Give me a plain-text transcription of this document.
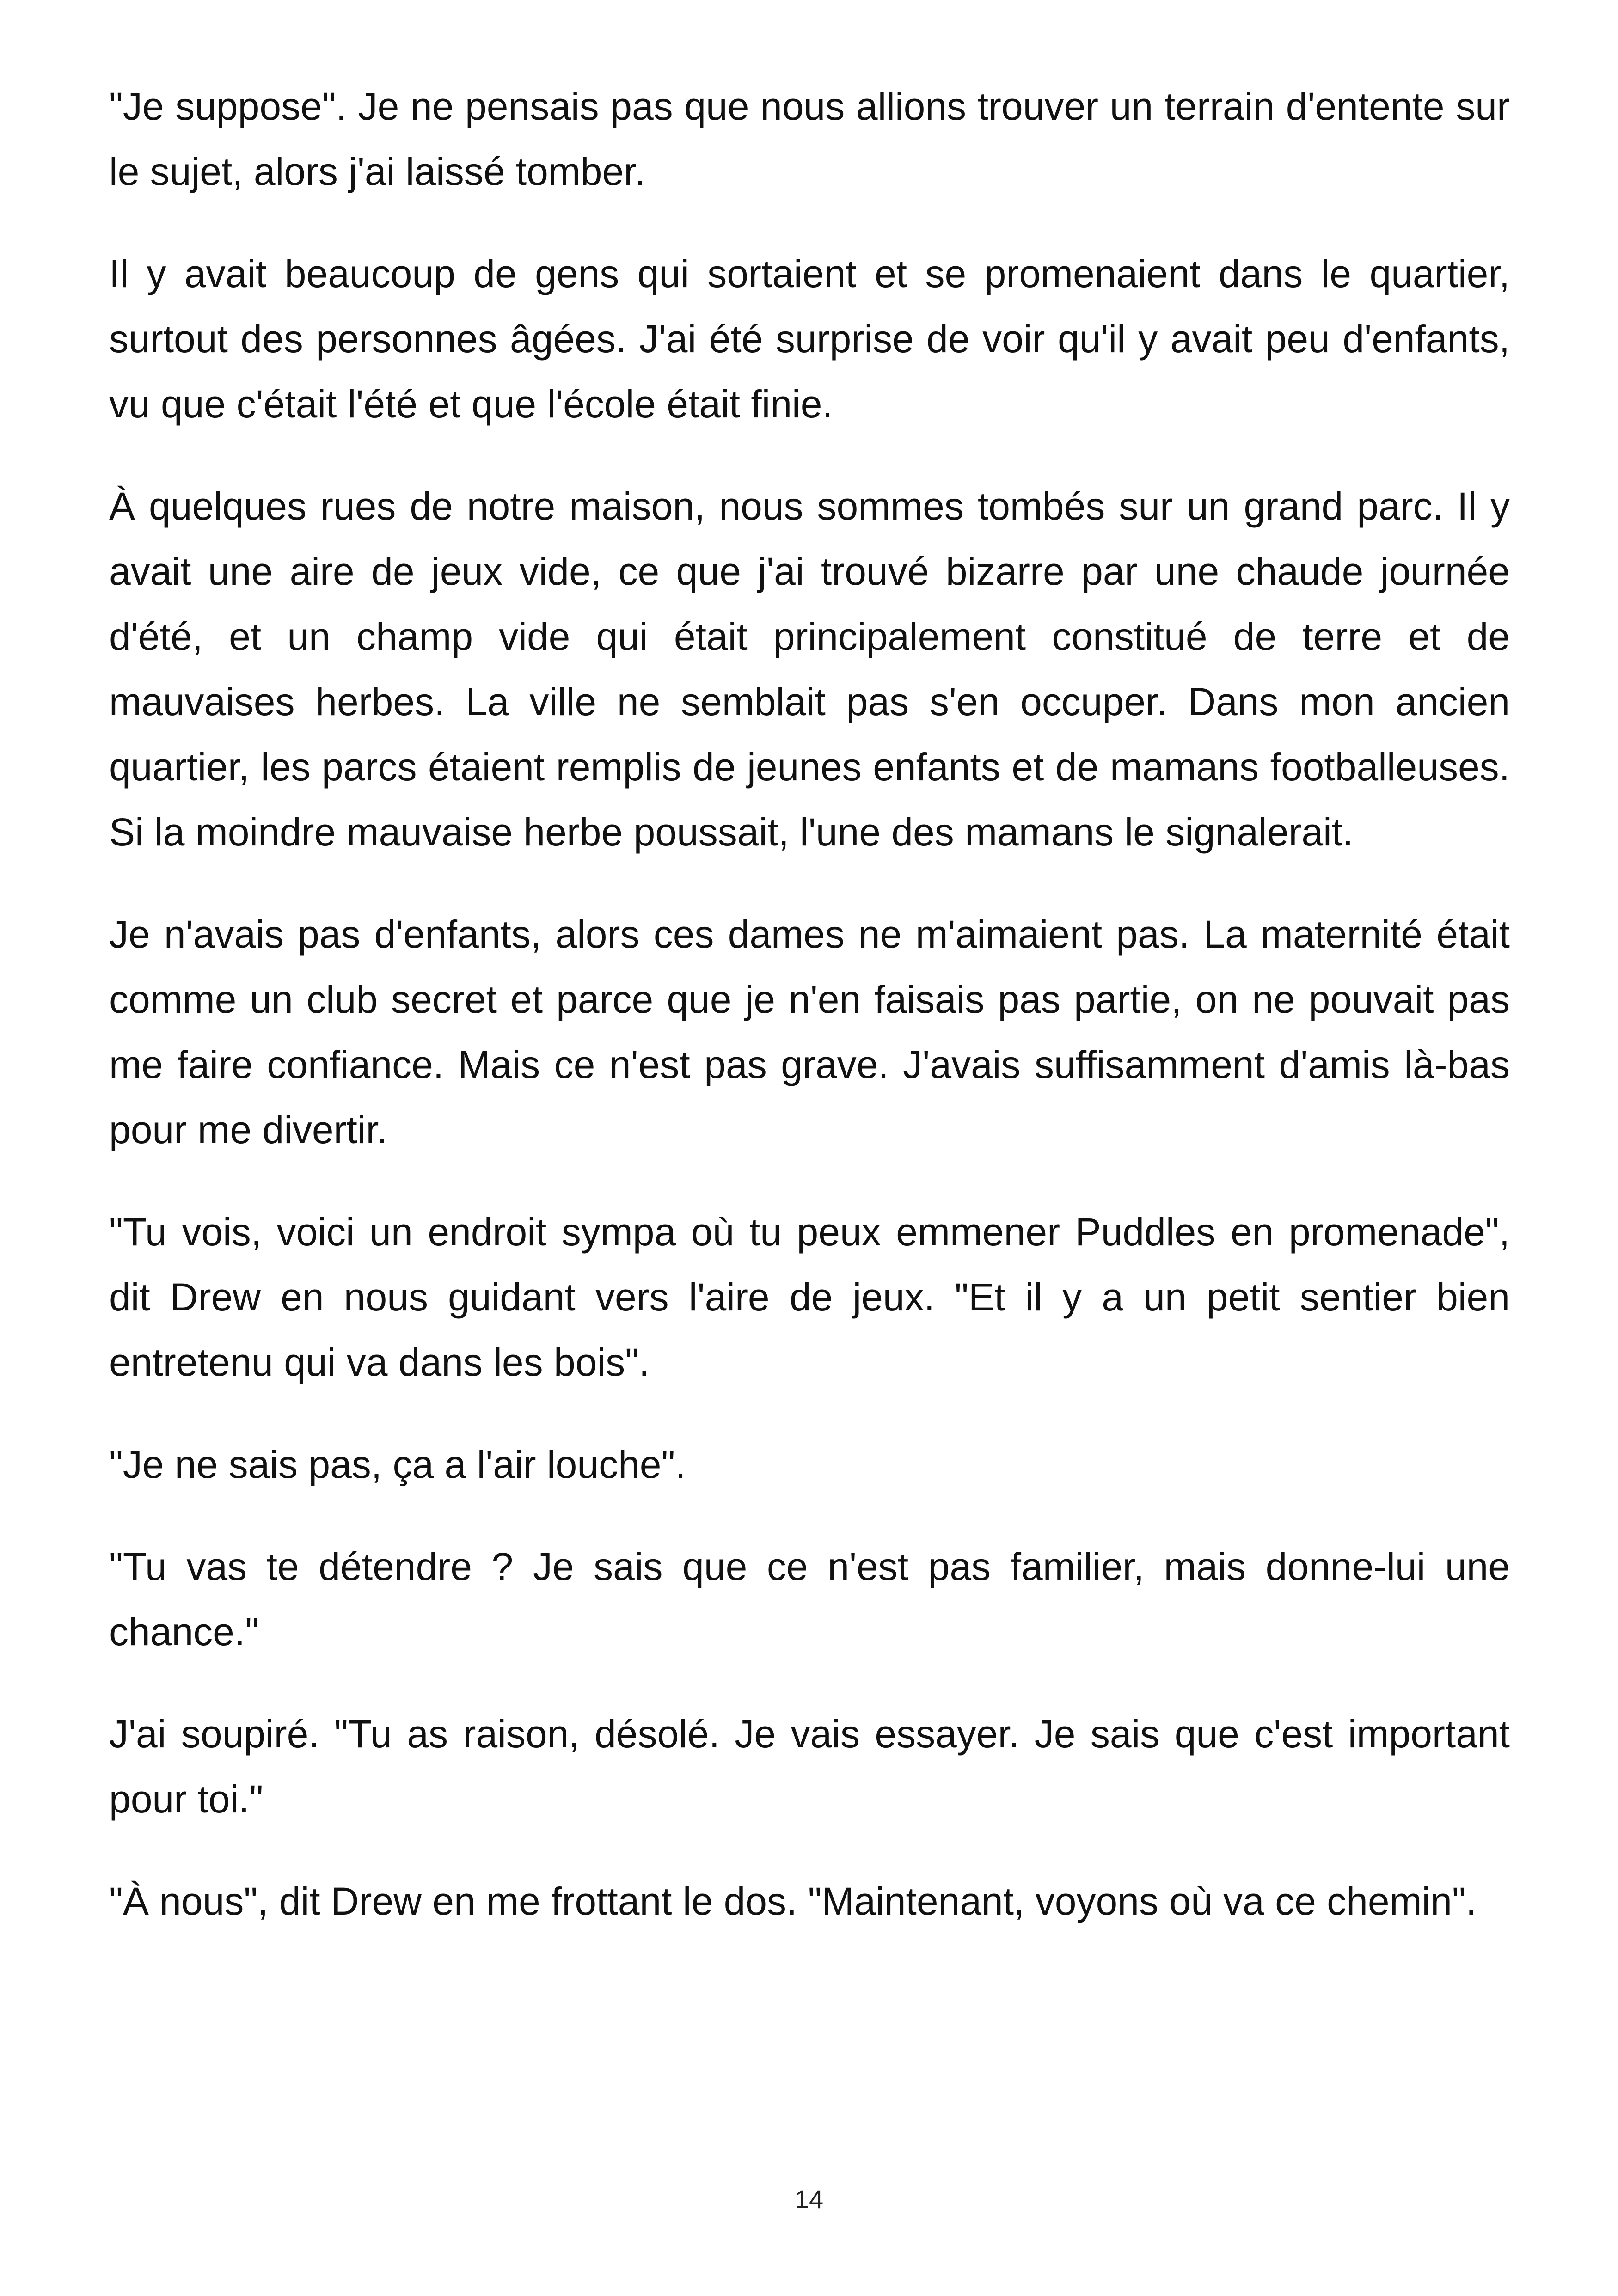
"Je suppose". Je ne pensais pas que nous allions trouver un terrain d'entente sur le sujet, alors j'ai laissé tomber.

Il y avait beaucoup de gens qui sortaient et se promenaient dans le quartier, surtout des personnes âgées. J'ai été surprise de voir qu'il y avait peu d'enfants, vu que c'était l'été et que l'école était finie.

À quelques rues de notre maison, nous sommes tombés sur un grand parc. Il y avait une aire de jeux vide, ce que j'ai trouvé bizarre par une chaude journée d'été, et un champ vide qui était principalement constitué de terre et de mauvaises herbes. La ville ne semblait pas s'en occuper. Dans mon ancien quartier, les parcs étaient remplis de jeunes enfants et de mamans footballeuses. Si la moindre mauvaise herbe poussait, l'une des mamans le signalerait.

Je n'avais pas d'enfants, alors ces dames ne m'aimaient pas. La maternité était comme un club secret et parce que je n'en faisais pas partie, on ne pouvait pas me faire confiance. Mais ce n'est pas grave. J'avais suffisamment d'amis là-bas pour me divertir.

"Tu vois, voici un endroit sympa où tu peux emmener Puddles en promenade", dit Drew en nous guidant vers l'aire de jeux. "Et il y a un petit sentier bien entretenu qui va dans les bois".

"Je ne sais pas, ça a l'air louche".

"Tu vas te détendre ? Je sais que ce n'est pas familier, mais donne-lui une chance."

J'ai soupiré. "Tu as raison, désolé. Je vais essayer. Je sais que c'est important pour toi."

"À nous", dit Drew en me frottant le dos. "Maintenant, voyons où va ce chemin".

14
